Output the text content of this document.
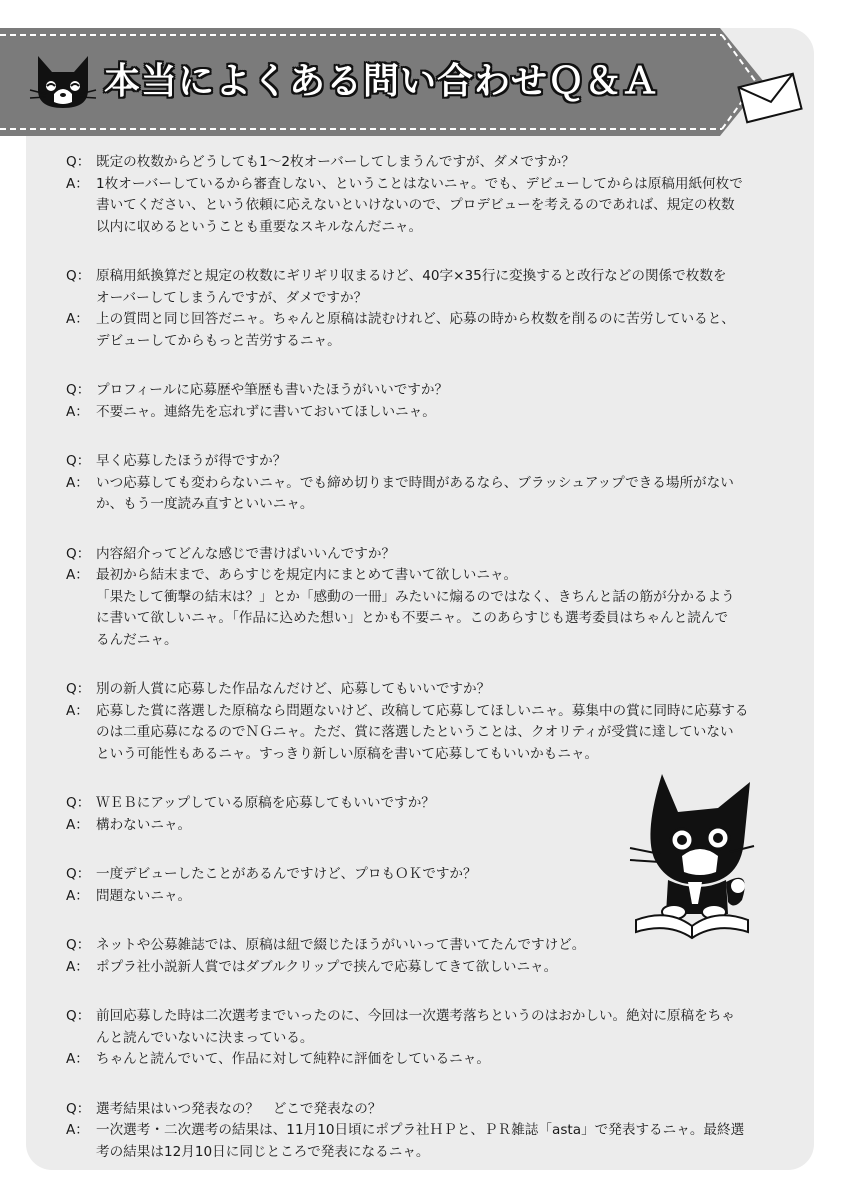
本当によくある問い合わせＱ＆Ａ
Q： 既定の枚数からどうしても1～2枚オーバーしてしまうんですが、ダメですか？
A： 1枚オーバーしているから審査しない、ということはないニャ。でも、デビューしてからは原稿用紙何枚で
書いてください、という依頼に応えないといけないので、プロデビューを考えるのであれば、規定の枚数
以内に収めるということも重要なスキルなんだニャ。
Q： 原稿用紙換算だと規定の枚数にギリギリ収まるけど、40字×35行に変換すると改行などの関係で枚数を
オーバーしてしまうんですが、ダメですか？
A： 上の質問と同じ回答だニャ。ちゃんと原稿は読むけれど、応募の時から枚数を削るのに苦労していると、
デビューしてからもっと苦労するニャ。
Q： プロフィールに応募歴や筆歴も書いたほうがいいですか？
A： 不要ニャ。連絡先を忘れずに書いておいてほしいニャ。
Q： 早く応募したほうが得ですか？
A： いつ応募しても変わらないニャ。でも締め切りまで時間があるなら、ブラッシュアップできる場所がない
か、もう一度読み直すといいニャ。
Q： 内容紹介ってどんな感じで書けばいいんですか？
A： 最初から結末まで、あらすじを規定内にまとめて書いて欲しいニャ。
「果たして衝撃の結末は？」とか「感動の一冊」みたいに煽るのではなく、きちんと話の筋が分かるよう
に書いて欲しいニャ。「作品に込めた想い」とかも不要ニャ。このあらすじも選考委員はちゃんと読んで
るんだニャ。
Q： 別の新人賞に応募した作品なんだけど、応募してもいいですか？
A： 応募した賞に落選した原稿なら問題ないけど、改稿して応募してほしいニャ。募集中の賞に同時に応募する
のは二重応募になるのでＮＧニャ。ただ、賞に落選したということは、クオリティが受賞に達していない
という可能性もあるニャ。すっきり新しい原稿を書いて応募してもいいかもニャ。
Q： ＷＥＢにアップしている原稿を応募してもいいですか？
A： 構わないニャ。
Q： 一度デビューしたことがあるんですけど、プロもＯＫですか？
A： 問題ないニャ。
Q： ネットや公募雑誌では、原稿は紐で綴じたほうがいいって書いてたんですけど。
A： ポプラ社小説新人賞ではダブルクリップで挟んで応募してきて欲しいニャ。
Q： 前回応募した時は二次選考までいったのに、今回は一次選考落ちというのはおかしい。絶対に原稿をちゃ
んと読んでいないに決まっている。
A： ちゃんと読んでいて、作品に対して純粋に評価をしているニャ。
Q： 選考結果はいつ発表なの？　どこで発表なの？
A： 一次選考・二次選考の結果は、11月10日頃にポプラ社ＨＰと、ＰＲ雑誌「asta」で発表するニャ。最終選
考の結果は12月10日に同じところで発表になるニャ。
